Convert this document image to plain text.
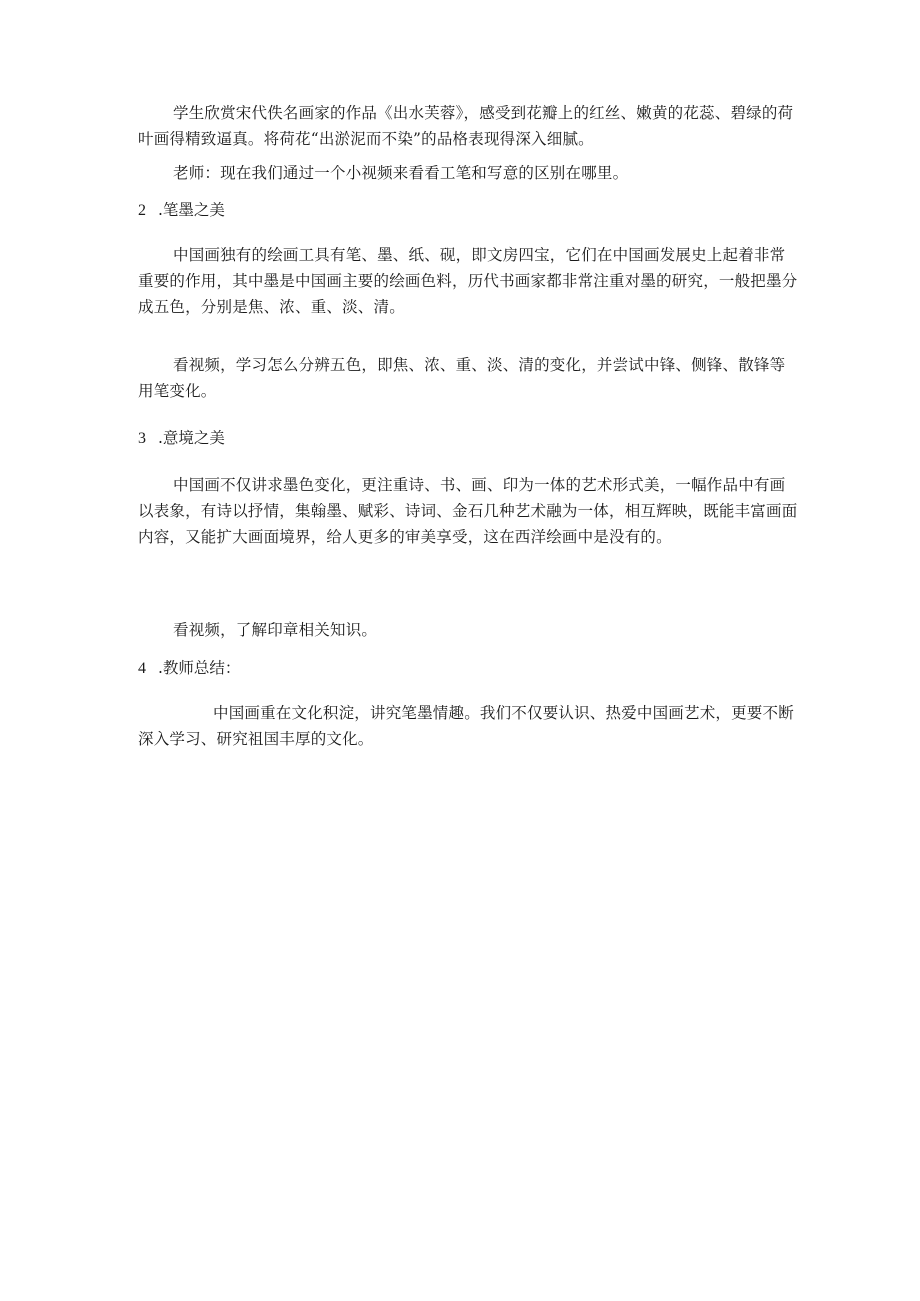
学生欣赏宋代佚名画家的作品《出水芙蓉》，感受到花瓣上的红丝、嫩黄的花蕊、碧绿的荷叶画得精致逼真。将荷花“出淤泥而不染”的品格表现得深入细腻。

老师：现在我们通过一个小视频来看看工笔和写意的区别在哪里。

2 .笔墨之美

中国画独有的绘画工具有笔、墨、纸、砚，即文房四宝，它们在中国画发展史上起着非常重要的作用，其中墨是中国画主要的绘画色料，历代书画家都非常注重对墨的研究，一般把墨分成五色，分别是焦、浓、重、淡、清。

看视频，学习怎么分辨五色，即焦、浓、重、淡、清的变化，并尝试中锋、侧锋、散锋等用笔变化。

3 .意境之美

中国画不仅讲求墨色变化，更注重诗、书、画、印为一体的艺术形式美，一幅作品中有画以表象，有诗以抒情，集翰墨、赋彩、诗词、金石几种艺术融为一体，相互辉映，既能丰富画面内容，又能扩大画面境界，给人更多的审美享受，这在西洋绘画中是没有的。

看视频，了解印章相关知识。

4 .教师总结：

中国画重在文化积淀，讲究笔墨情趣。我们不仅要认识、热爱中国画艺术，更要不断深入学习、研究祖国丰厚的文化。
